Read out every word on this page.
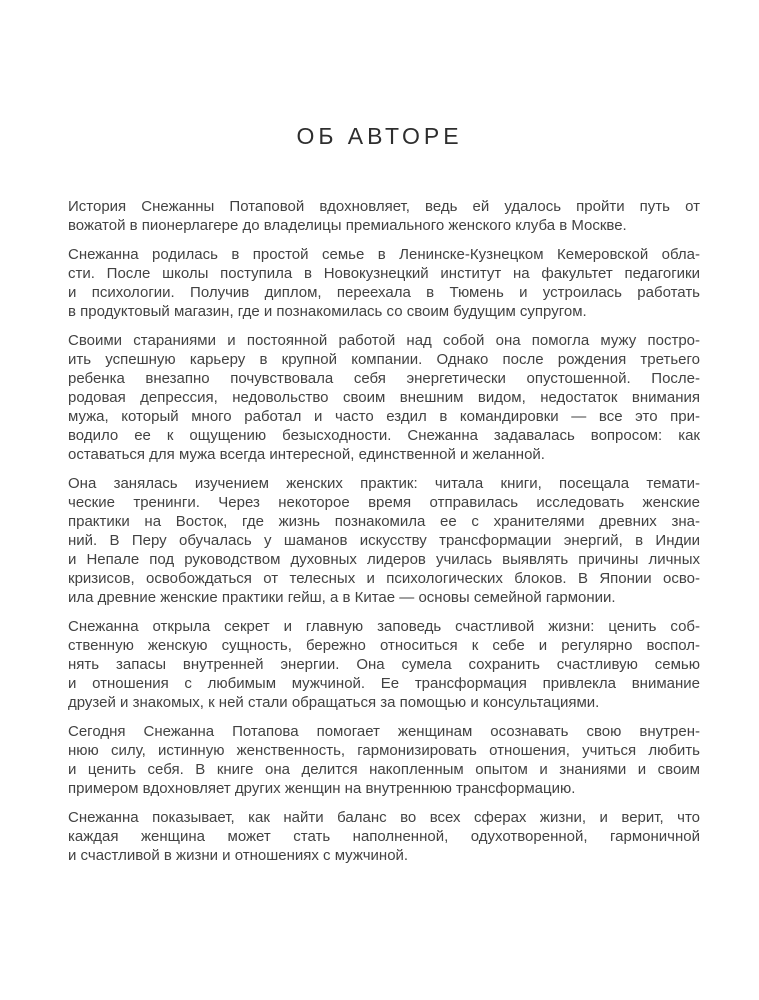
ОБ АВТОРЕ

История Снежанны Потаповой вдохновляет, ведь ей удалось пройти путь от
вожатой в пионерлагере до владелицы премиального женского клуба в Москве.

Снежанна родилась в простой семье в Ленинске-Кузнецком Кемеровской обла-
сти. После школы поступила в Новокузнецкий институт на факультет педагогики
и психологии. Получив диплом, переехала в Тюмень и устроилась работать
в продуктовый магазин, где и познакомилась со своим будущим супругом.

Своими стараниями и постоянной работой над собой она помогла мужу постро-
ить успешную карьеру в крупной компании. Однако после рождения третьего
ребенка внезапно почувствовала себя энергетически опустошенной. После-
родовая депрессия, недовольство своим внешним видом, недостаток внимания
мужа, который много работал и часто ездил в командировки — все это при-
водило ее к ощущению безысходности. Снежанна задавалась вопросом: как
оставаться для мужа всегда интересной, единственной и желанной.

Она занялась изучением женских практик: читала книги, посещала темати-
ческие тренинги. Через некоторое время отправилась исследовать женские
практики на Восток, где жизнь познакомила ее с хранителями древних зна-
ний. В Перу обучалась у шаманов искусству трансформации энергий, в Индии
и Непале под руководством духовных лидеров училась выявлять причины личных
кризисов, освобождаться от телесных и психологических блоков. В Японии осво-
ила древние женские практики гейш, а в Китае — основы семейной гармонии.

Снежанна открыла секрет и главную заповедь счастливой жизни: ценить соб-
ственную женскую сущность, бережно относиться к себе и регулярно воспол-
нять запасы внутренней энергии. Она сумела сохранить счастливую семью
и отношения с любимым мужчиной. Ее трансформация привлекла внимание
друзей и знакомых, к ней стали обращаться за помощью и консультациями.

Сегодня Снежанна Потапова помогает женщинам осознавать свою внутрен-
нюю силу, истинную женственность, гармонизировать отношения, учиться любить
и ценить себя. В книге она делится накопленным опытом и знаниями и своим
примером вдохновляет других женщин на внутреннюю трансформацию.

Снежанна показывает, как найти баланс во всех сферах жизни, и верит, что
каждая женщина может стать наполненной, одухотворенной, гармоничной
и счастливой в жизни и отношениях с мужчиной.
